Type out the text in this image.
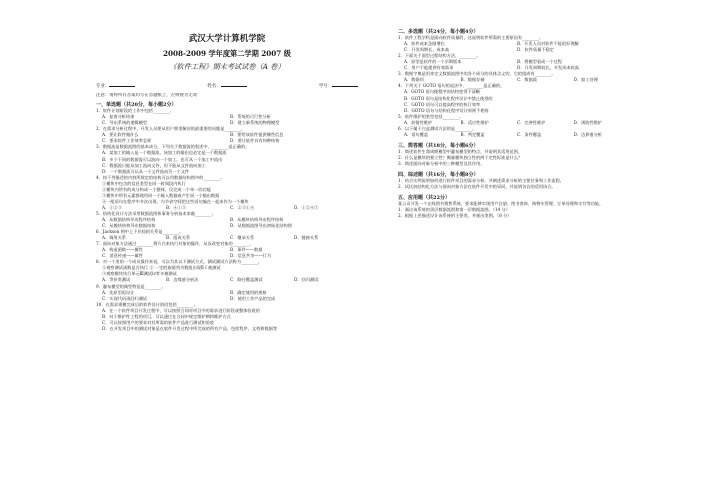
武汉大学计算机学院
2008-2009 学年度第二学期 2007 级
《软件工程》期末考试试卷（A 卷）
专业：	姓名：	学号：
注意：请将所有答案均写在答题纸上，否则视为无效
一、单选题（共20分，每小题2分）
1．软件计划阶段的工作中包括________。
A．复查分析结果	B．系统的可行性分析
C．导出系统的逻辑模型	D．建立新系统的物理模型
2．在需求分析过程中，开发人员要从用户那里解决的最重要的问题是________。
A．要让软件做什么	B．要给该软件提供哪些信息
C．要求软件工作效率怎样	D．要让软件具有何种结构
3．数据流是数据流图的基本成分，下列关于数据流的叙述中，________是正确的。
A．某加工的输入是一个数据流，该加工的输出也必定是一个数据流
B．多个不同的数据流可以流向一个加工，也可从一个加工中流出
C．数据流只能从加工流向文件，但不能从文件流向加工
D．一个数据流可以从一个文件流向另一个文件
4．按下列描述的内容所规定的结构可以用数据结构图中的________。
①模块中包含的信息类型在同一时间段内执行
②模块内所有的成分构成一个整体，仅完成一个单一的功能
③模块中所有元素都使用同一个输入数据或产生同一个输出数据
④一组语句在程序中多次出现，为节省空间把这些语句编在一起来作为一个模块
A．①②③	B．④①③	C．②③①④	D．①②④③
5．结构化设计方法采用数据流图和事务分析技术来做________。
A．从数据结构导出程序结构	B．从模块结构导出程序结构
C．从模块结构导出数据结构	D．从数据流图导出初始化结构图
6．Jackson 图中上下层间的关系是________。
A．调用关系	B．组成关系	C．继承关系	D．链接关系
7．面向对象方法通过________将方式来执行对象的操作，从而改变对象的________。
A．构造函数——属性	B．事件——数据
C．消息传递——属性	D．信息共享——行为
8．对一个类的一个成员操作来说，可以为其以下测试方式，测试测试方法称为________。
①观察测试函数是否执行 ② 一定的取值列为数组出现ⅡＩ被测试
③观察模块执行单元Ⅲ测试ⅳ等多被测试
A．等价类测试	B．边缘值分析法	C．路径覆盖测试	D．回归测试
9．瀑布模型的典型特征是________。
A．先原型再设计	B．确定使用的规格
C．实现代码再回归测试	D．使用工作产品的完成
10．在需求建模完成后的软件设计阶段包括________。
A．在一个软件项目开发过程中，可以按照合同对项目中的需求进行阶段或整体验收的
B．对于维护性工程的项目，可以通过在合同中规定维护期和维护方式
C．可以按照用户的要求对其所需的软件产品进行测试和验收
D．在开发项目中的测试对象是在软件开发过程中所完成的所有产品，包括程序、文档和数据等
二、多选题（共24分，每小题4分）
1．软件工程学科是面向软件质量的，这说明软件所需的主要原因有________。
A．软件成本急剧增长	B．开发人员对软件不能很好理解
C．开发周期长、成本高	D．软件质量不稳定
2．下面关于面型过程结构方法，________。
A．原型是软件的一个早期版本	B．将模型看成一个过程
C．用户不能提供有效需求	D．开发周期较长，开发成本较高
3．数据字典是用来定义数据流图中的各个成分的具体含义的，它的组成有________。
A．数据项	B．数据存储	C．数据流	D．加工处理
4．下列关于 GOTO 语句的说法中，________是正确的。
A．GOTO 语句使程序的结构变得不清晰
B．GOTO 语句是结构化程序设计中禁止使用的
C．GOTO 语句可以提高程序的执行效率
D．GOTO 语句与结构化程序设计原则不相容
5．软件维护的类型包括________。
A．纠错性维护	B．适应性维护	C．完善性维护	D．预防性维护
6．以下属于白盒测试方法的是________。
A．语句覆盖	B．判定覆盖	C．条件覆盖	D．边界值分析
三、简答题（共18分，每小题6分）
1．简述软件生命周期模型中瀑布模型的特点，并说明其适用范围。
2．什么是模块的独立性？衡量模块独立性的两个定性标准是什么？
3．简述面向对象分析中的三种模型及其作用。
四、综述题（共16分，每小题8分）
1．结合实例说明如何进行软件项目的需求分析，并阐述需求分析的主要任务和工作流程。
2．试比较结构化方法与面向对象方法在软件开发中的异同，并说明各自的适用场合。
五、应用题（共22分）
某公司开发一个在线图书销售系统，要求能够实现用户注册、图书查询、购物车管理、订单处理和支付等功能。
1．画出该系统的顶层数据流图和第一层数据流图。（14 分）
2．根据上述描述设计该系统的主要类，并画出类图。（8 分）
